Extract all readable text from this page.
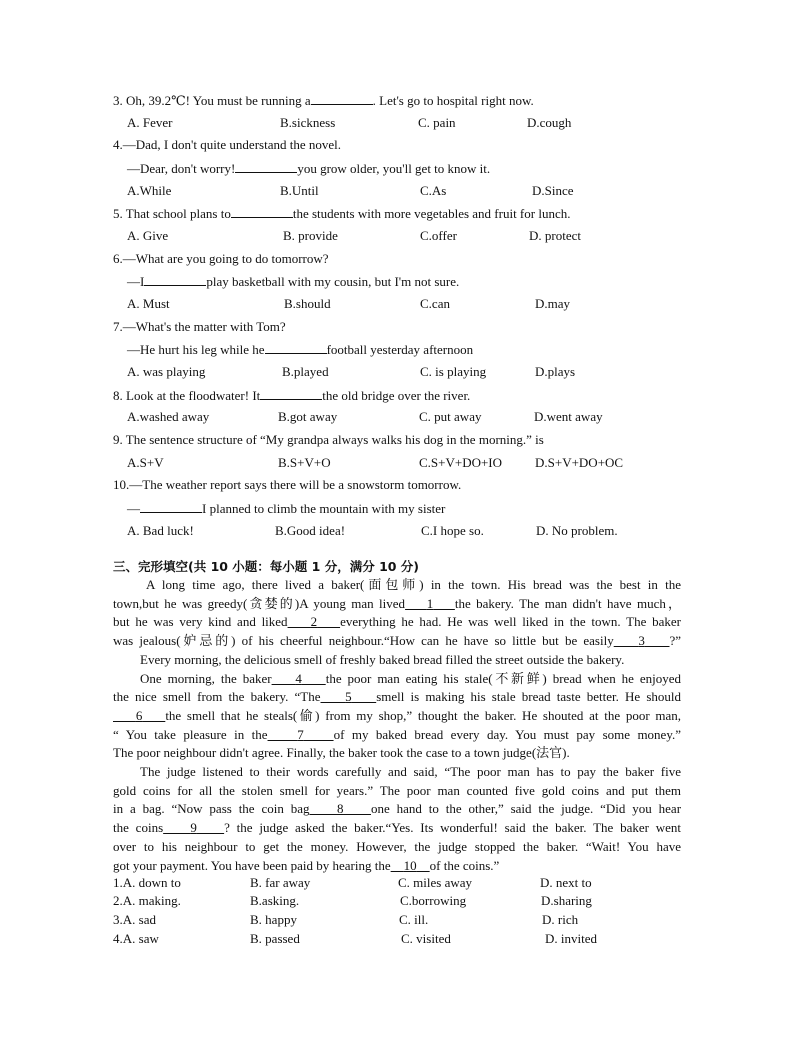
3. Oh, 39.2℃! You must be running a	. Let's go to hospital right now.
A. Fever	B.sickness	C. pain	D.cough
4.—Dad, I don't quite understand the novel.
—Dear, don't worry!	you grow older, you'll get to know it.
A.While	B.Until	C.As	D.Since
5. That school plans to	the students with more vegetables and fruit for lunch.
A. Give	B. provide	C.offer	D. protect
6.—What are you going to do tomorrow?
—I	play basketball with my cousin, but I'm not sure.
A. Must	B.should	C.can	D.may
7.—What's the matter with Tom?
—He hurt his leg while he	football yesterday afternoon
A. was playing	B.played	C. is playing	D.plays
8. Look at the floodwater! It	the old bridge over the river.
A.washed away	B.got away	C. put away	D.went away
9. The sentence structure of “My grandpa always walks his dog in the morning.” is
A.S+V	B.S+V+O	C.S+V+DO+IO	D.S+V+DO+OC
10.—The weather report says there will be a snowstorm tomorrow.
—	I planned to climb the mountain with my sister
A. Bad luck!	B.Good idea!	C.I hope so.	D. No problem.
三、完形填空(共 10 小题：每小题 1 分，满分 10 分)
A long time ago, there lived a baker(面包师) in the town. His bread was the best in the
town,but he was greedy(贪婪的)A young man lived 1 the bakery. The man didn't have much，
but he was very kind and liked 2 everything he had. He was well liked in the town. The baker
was jealous(妒忌的) of his cheerful neighbour.“How can he have so little but be easily 3 ?”
Every morning, the delicious smell of freshly baked bread filled the street outside the bakery.
One morning, the baker 4 the poor man eating his stale(不新鲜) bread when he enjoyed
the nice smell from the bakery. “The 5 smell is making his stale bread taste better. He should
6 the smell that he steals(偷) from my shop,” thought the baker. He shouted at the poor man,
“ You take pleasure in the 7 of my baked bread every day. You must pay some money.”
The poor neighbour didn't agree. Finally, the baker took the case to a town judge(法官).
The judge listened to their words carefully and said, “The poor man has to pay the baker five
gold coins for all the stolen smell for years.” The poor man counted five gold coins and put them
in a bag. “Now pass the coin bag 8 one hand to the other,” said the judge. “Did you hear
the coins 9 ? the judge asked the baker.“Yes. Its wonderful! said the baker. The baker went
over to his neighbour to get the money. However, the judge stopped the baker. “Wait! You have
got your payment. You have been paid by hearing the 10 of the coins.”
1.A. down to	B. far away	C. miles away	D. next to
2.A. making.	B.asking.	C.borrowing	D.sharing
3.A. sad	B. happy	C. ill.	D. rich
4.A. saw	B. passed	C. visited	D. invited
